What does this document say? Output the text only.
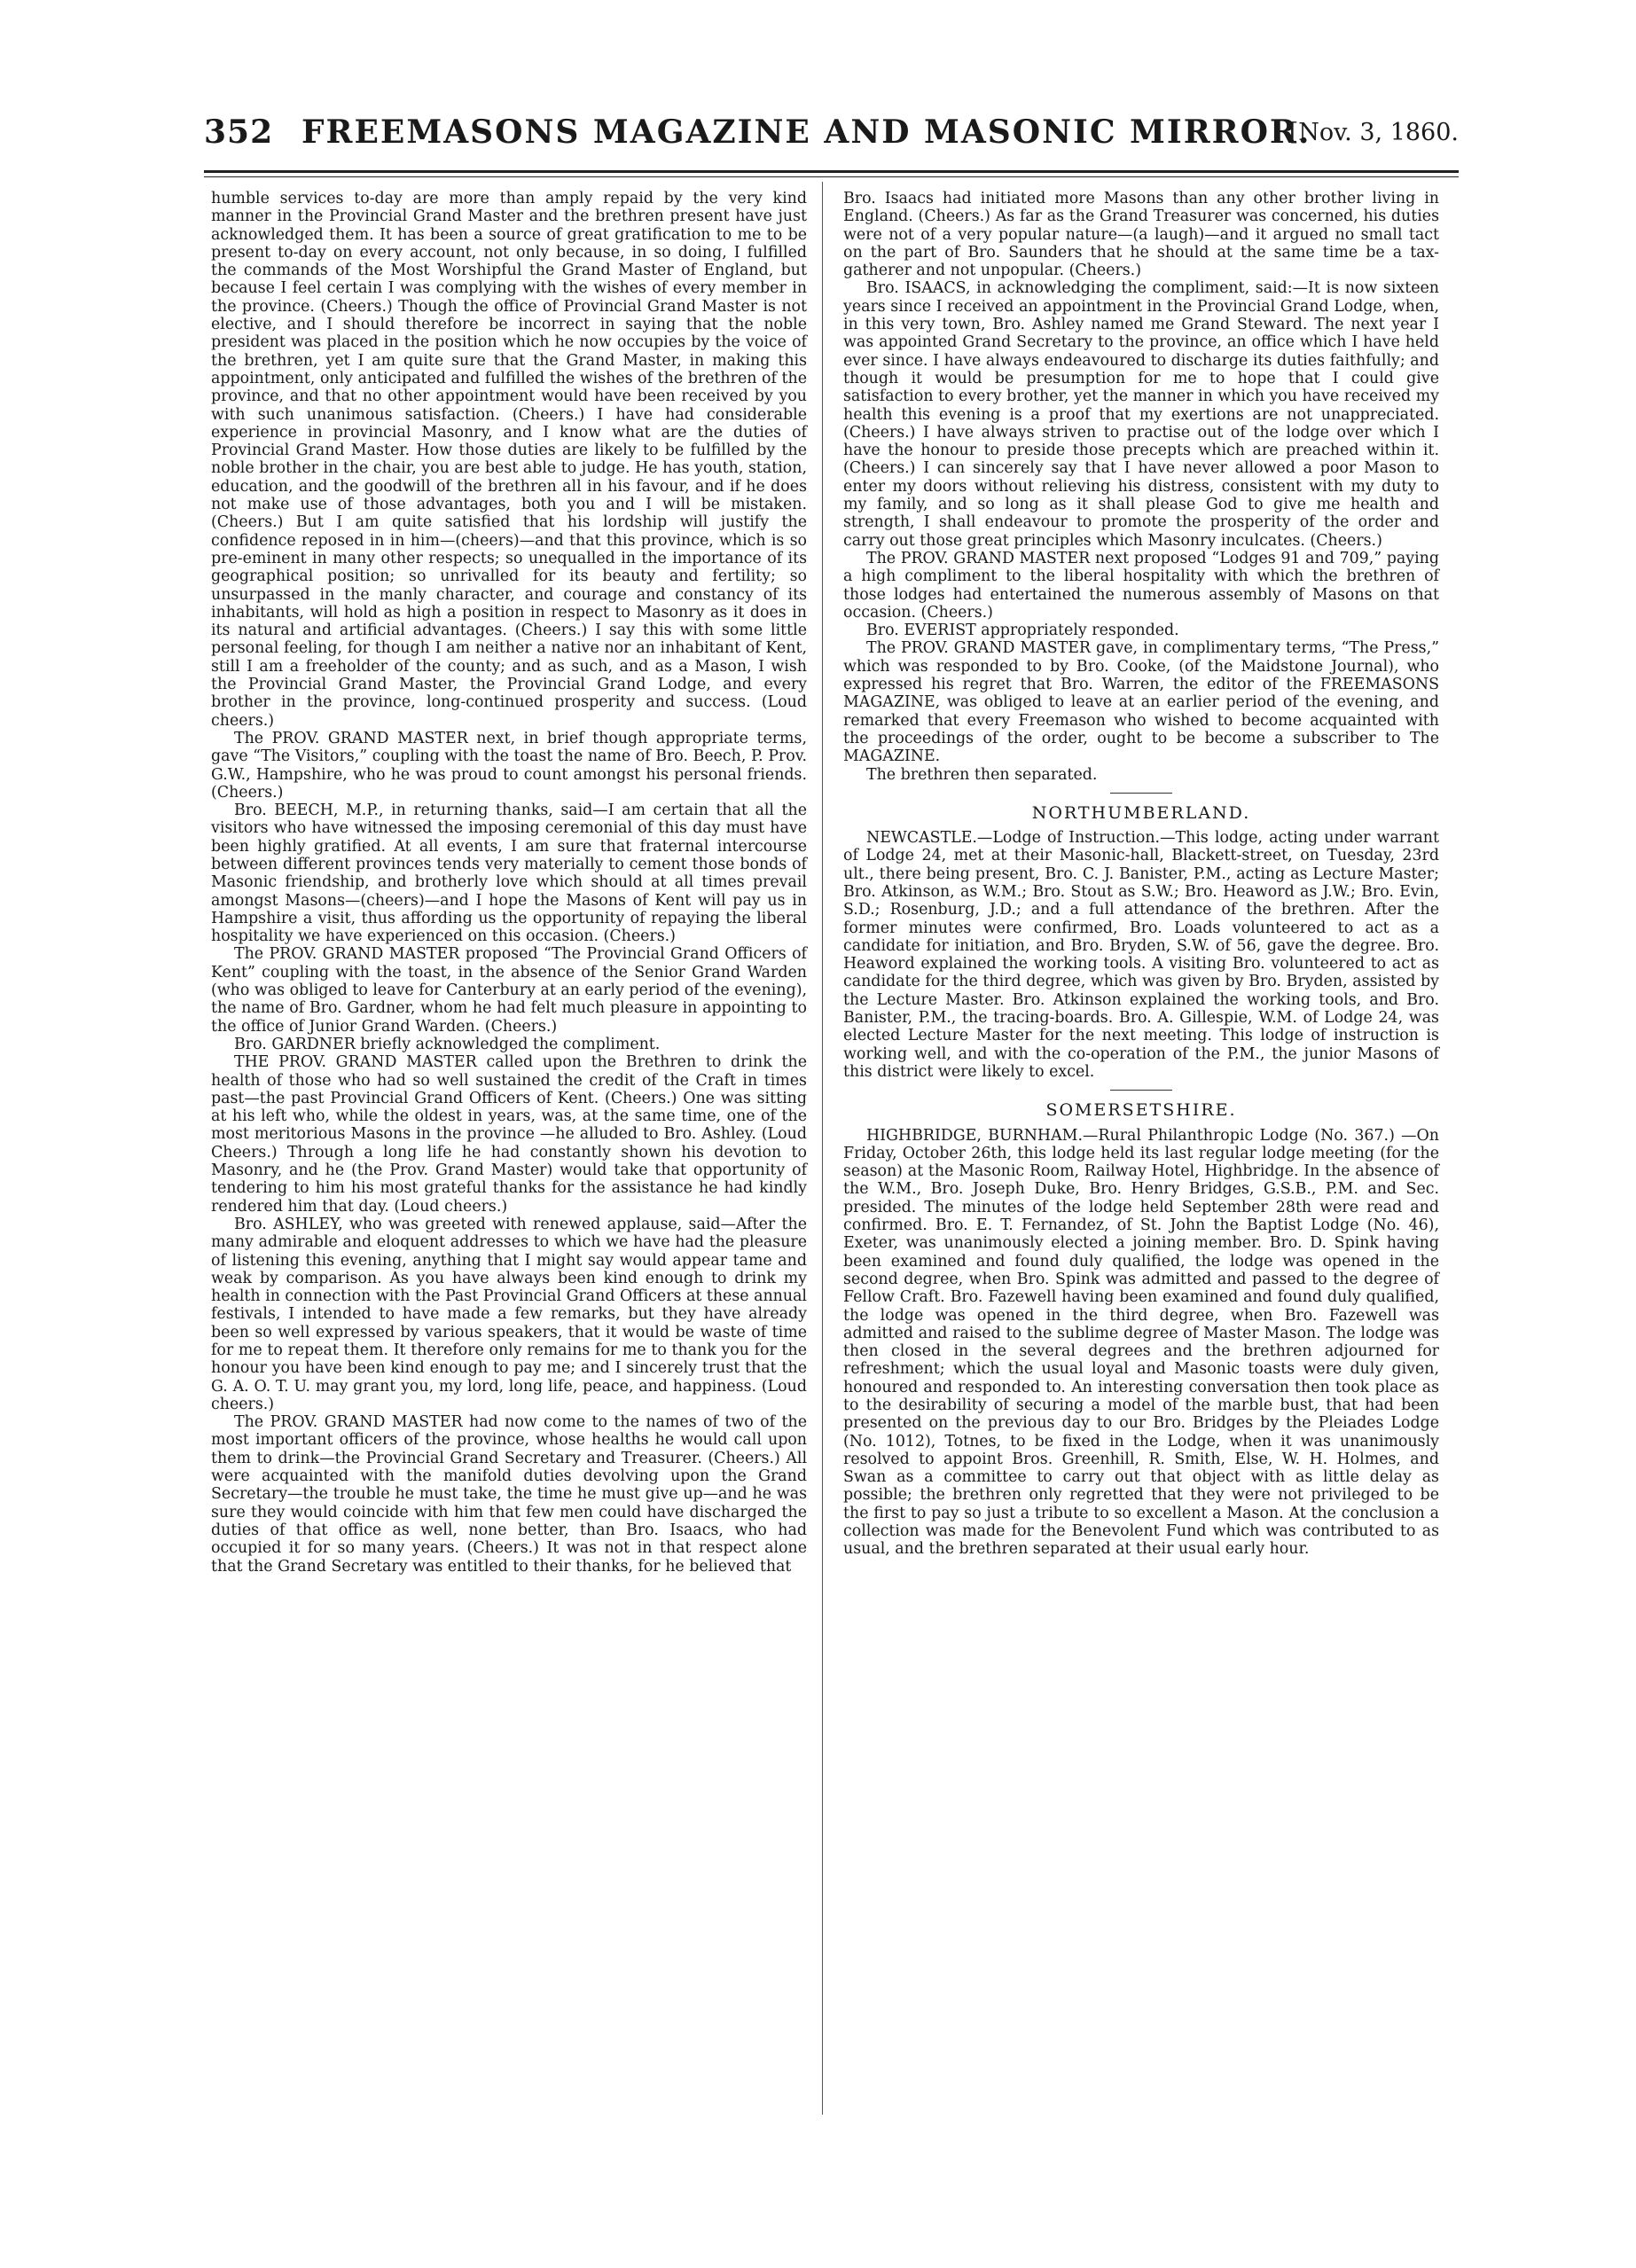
352 FREEMASONS MAGAZINE AND MASONIC MIRROR.
[Nov. 3, 1860.

humble services to-day are more than amply repaid by the very kind manner in the Provincial Grand Master and the brethren present have just acknowledged them. It has been a source of great gratification to me to be present to-day on every account, not only because, in so doing, I fulfilled the commands of the Most Worshipful the Grand Master of England, but because I feel certain I was complying with the wishes of every member in the province. (Cheers.) Though the office of Provincial Grand Master is not elective, and I should therefore be incorrect in saying that the noble president was placed in the position which he now occupies by the voice of the brethren, yet I am quite sure that the Grand Master, in making this appointment, only anticipated and fulfilled the wishes of the brethren of the province, and that no other appointment would have been received by you with such unanimous satisfaction. (Cheers.) I have had considerable experience in provincial Masonry, and I know what are the duties of Provincial Grand Master. How those duties are likely to be fulfilled by the noble brother in the chair, you are best able to judge. He has youth, station, education, and the goodwill of the brethren all in his favour, and if he does not make use of those advantages, both you and I will be mistaken. (Cheers.) But I am quite satisfied that his lordship will justify the confidence reposed in in him—(cheers)—and that this province, which is so pre-eminent in many other respects; so unequalled in the importance of its geographical position; so unrivalled for its beauty and fertility; so unsurpassed in the manly character, and courage and constancy of its inhabitants, will hold as high a position in respect to Masonry as it does in its natural and artificial advantages. (Cheers.) I say this with some little personal feeling, for though I am neither a native nor an inhabitant of Kent, still I am a freeholder of the county; and as such, and as a Mason, I wish the Provincial Grand Master, the Provincial Grand Lodge, and every brother in the province, long-continued prosperity and success. (Loud cheers.)

The PROV. GRAND MASTER next, in brief though appropriate terms, gave “The Visitors,” coupling with the toast the name of Bro. Beech, P. Prov. G.W., Hampshire, who he was proud to count amongst his personal friends. (Cheers.)

Bro. BEECH, M.P., in returning thanks, said—I am certain that all the visitors who have witnessed the imposing ceremonial of this day must have been highly gratified. At all events, I am sure that fraternal intercourse between different provinces tends very materially to cement those bonds of Masonic friendship, and brotherly love which should at all times prevail amongst Masons—(cheers)—and I hope the Masons of Kent will pay us in Hampshire a visit, thus affording us the opportunity of repaying the liberal hospitality we have experienced on this occasion. (Cheers.)

The PROV. GRAND MASTER proposed “The Provincial Grand Officers of Kent” coupling with the toast, in the absence of the Senior Grand Warden (who was obliged to leave for Canterbury at an early period of the evening), the name of Bro. Gardner, whom he had felt much pleasure in appointing to the office of Junior Grand Warden. (Cheers.)

Bro. GARDNER briefly acknowledged the compliment.

THE PROV. GRAND MASTER called upon the Brethren to drink the health of those who had so well sustained the credit of the Craft in times past—the past Provincial Grand Officers of Kent. (Cheers.) One was sitting at his left who, while the oldest in years, was, at the same time, one of the most meritorious Masons in the province —he alluded to Bro. Ashley. (Loud Cheers.) Through a long life he had constantly shown his devotion to Masonry, and he (the Prov. Grand Master) would take that opportunity of tendering to him his most grateful thanks for the assistance he had kindly rendered him that day. (Loud cheers.)

Bro. ASHLEY, who was greeted with renewed applause, said—After the many admirable and eloquent addresses to which we have had the pleasure of listening this evening, anything that I might say would appear tame and weak by comparison. As you have always been kind enough to drink my health in connection with the Past Provincial Grand Officers at these annual festivals, I intended to have made a few remarks, but they have already been so well expressed by various speakers, that it would be waste of time for me to repeat them. It therefore only remains for me to thank you for the honour you have been kind enough to pay me; and I sincerely trust that the G. A. O. T. U. may grant you, my lord, long life, peace, and happiness. (Loud cheers.)

The PROV. GRAND MASTER had now come to the names of two of the most important officers of the province, whose healths he would call upon them to drink—the Provincial Grand Secretary and Treasurer. (Cheers.) All were acquainted with the manifold duties devolving upon the Grand Secretary—the trouble he must take, the time he must give up—and he was sure they would coincide with him that few men could have discharged the duties of that office as well, none better, than Bro. Isaacs, who had occupied it for so many years. (Cheers.) It was not in that respect alone that the Grand Secretary was entitled to their thanks, for he believed that

Bro. Isaacs had initiated more Masons than any other brother living in England. (Cheers.) As far as the Grand Treasurer was concerned, his duties were not of a very popular nature—(a laugh)—and it argued no small tact on the part of Bro. Saunders that he should at the same time be a tax-gatherer and not unpopular. (Cheers.)

Bro. ISAACS, in acknowledging the compliment, said:—It is now sixteen years since I received an appointment in the Provincial Grand Lodge, when, in this very town, Bro. Ashley named me Grand Steward. The next year I was appointed Grand Secretary to the province, an office which I have held ever since. I have always endeavoured to discharge its duties faithfully; and though it would be presumption for me to hope that I could give satisfaction to every brother, yet the manner in which you have received my health this evening is a proof that my exertions are not unappreciated. (Cheers.) I have always striven to practise out of the lodge over which I have the honour to preside those precepts which are preached within it. (Cheers.) I can sincerely say that I have never allowed a poor Mason to enter my doors without relieving his distress, consistent with my duty to my family, and so long as it shall please God to give me health and strength, I shall endeavour to promote the prosperity of the order and carry out those great principles which Masonry inculcates. (Cheers.)

The PROV. GRAND MASTER next proposed “Lodges 91 and 709,” paying a high compliment to the liberal hospitality with which the brethren of those lodges had entertained the numerous assembly of Masons on that occasion. (Cheers.)

Bro. EVERIST appropriately responded.

The PROV. GRAND MASTER gave, in complimentary terms, “The Press,” which was responded to by Bro. Cooke, (of the Maidstone Journal), who expressed his regret that Bro. Warren, the editor of the FREEMASONS MAGAZINE, was obliged to leave at an earlier period of the evening, and remarked that every Freemason who wished to become acquainted with the proceedings of the order, ought to be become a subscriber to The MAGAZINE.

The brethren then separated.

NORTHUMBERLAND.

NEWCASTLE.—Lodge of Instruction.—This lodge, acting under warrant of Lodge 24, met at their Masonic-hall, Blackett-street, on Tuesday, 23rd ult., there being present, Bro. C. J. Banister, P.M., acting as Lecture Master; Bro. Atkinson, as W.M.; Bro. Stout as S.W.; Bro. Heaword as J.W.; Bro. Evin, S.D.; Rosenburg, J.D.; and a full attendance of the brethren. After the former minutes were confirmed, Bro. Loads volunteered to act as a candidate for initiation, and Bro. Bryden, S.W. of 56, gave the degree. Bro. Heaword explained the working tools. A visiting Bro. volunteered to act as candidate for the third degree, which was given by Bro. Bryden, assisted by the Lecture Master. Bro. Atkinson explained the working tools, and Bro. Banister, P.M., the tracing-boards. Bro. A. Gillespie, W.M. of Lodge 24, was elected Lecture Master for the next meeting. This lodge of instruction is working well, and with the co-operation of the P.M., the junior Masons of this district were likely to excel.

SOMERSETSHIRE.

HIGHBRIDGE, BURNHAM.—Rural Philanthropic Lodge (No. 367.) —On Friday, October 26th, this lodge held its last regular lodge meeting (for the season) at the Masonic Room, Railway Hotel, Highbridge. In the absence of the W.M., Bro. Joseph Duke, Bro. Henry Bridges, G.S.B., P.M. and Sec. presided. The minutes of the lodge held September 28th were read and confirmed. Bro. E. T. Fernandez, of St. John the Baptist Lodge (No. 46), Exeter, was unanimously elected a joining member. Bro. D. Spink having been examined and found duly qualified, the lodge was opened in the second degree, when Bro. Spink was admitted and passed to the degree of Fellow Craft. Bro. Fazewell having been examined and found duly qualified, the lodge was opened in the third degree, when Bro. Fazewell was admitted and raised to the sublime degree of Master Mason. The lodge was then closed in the several degrees and the brethren adjourned for refreshment; which the usual loyal and Masonic toasts were duly given, honoured and responded to. An interesting conversation then took place as to the desirability of securing a model of the marble bust, that had been presented on the previous day to our Bro. Bridges by the Pleiades Lodge (No. 1012), Totnes, to be fixed in the Lodge, when it was unanimously resolved to appoint Bros. Greenhill, R. Smith, Else, W. H. Holmes, and Swan as a committee to carry out that object with as little delay as possible; the brethren only regretted that they were not privileged to be the first to pay so just a tribute to so excellent a Mason. At the conclusion a collection was made for the Benevolent Fund which was contributed to as usual, and the brethren separated at their usual early hour.
